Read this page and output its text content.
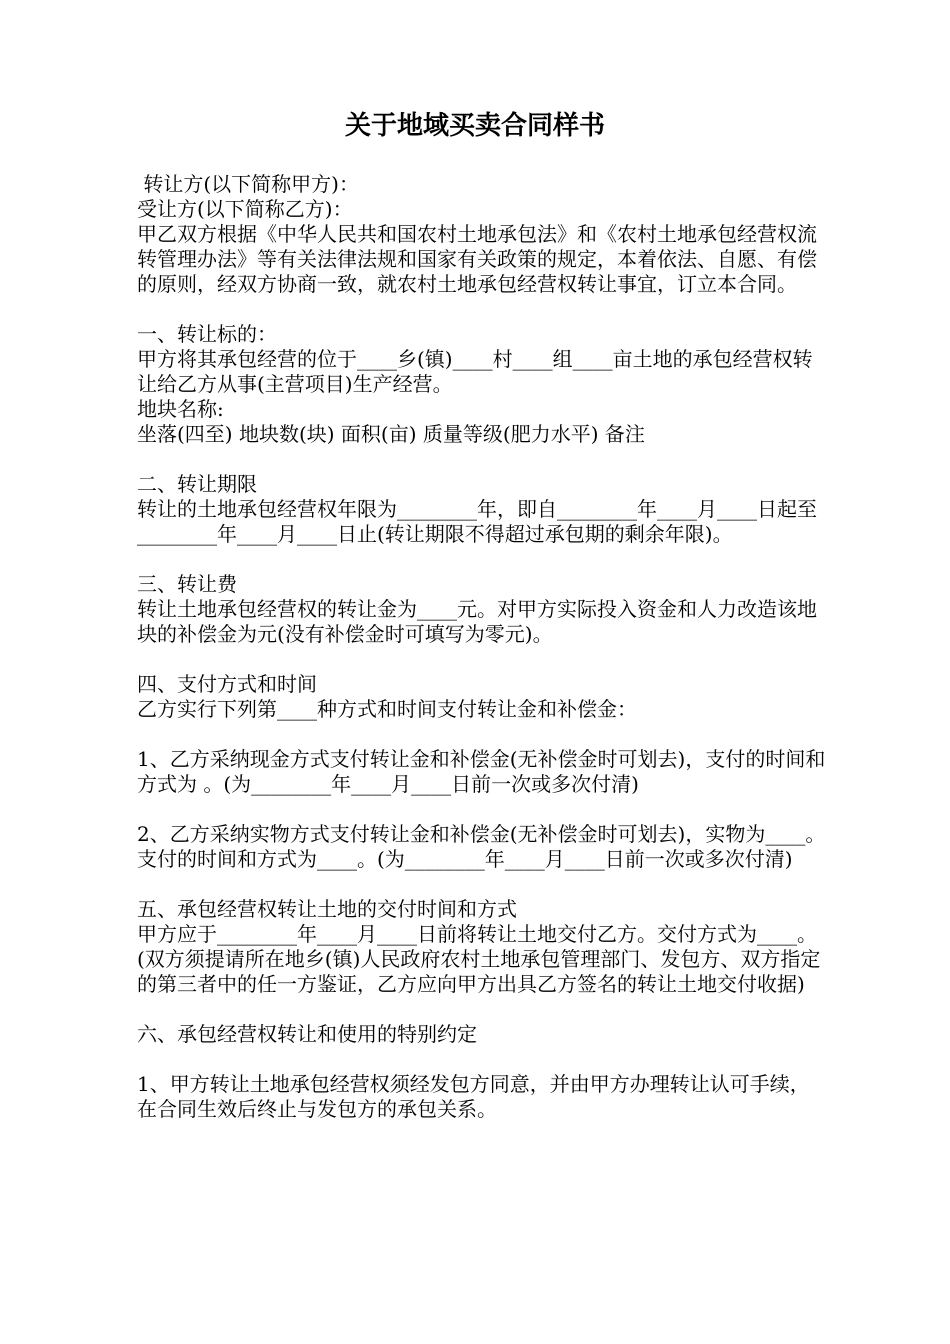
关于地域买卖合同样书

转让方(以下简称甲方)：

受让方(以下简称乙方)：

甲乙双方根据《中华人民共和国农村土地承包法》和《农村土地承包经营权流转管理办法》等有关法律法规和国家有关政策的规定，本着依法、自愿、有偿的原则，经双方协商一致，就农村土地承包经营权转让事宜，订立本合同。

一、转让标的：

甲方将其承包经营的位于____乡(镇)____村____组____亩土地的承包经营权转让给乙方从事(主营项目)生产经营。

地块名称:

坐落(四至) 地块数(块) 面积(亩) 质量等级(肥力水平) 备注

二、转让期限

转让的土地承包经营权年限为________年，即自________年____月____日起至________年____月____日止(转让期限不得超过承包期的剩余年限)。

三、转让费

转让土地承包经营权的转让金为____元。对甲方实际投入资金和人力改造该地块的补偿金为元(没有补偿金时可填写为零元)。

四、支付方式和时间

乙方实行下列第____种方式和时间支付转让金和补偿金：

1、乙方采纳现金方式支付转让金和补偿金(无补偿金时可划去)，支付的时间和方式为 。(为________年____月____日前一次或多次付清)

2、乙方采纳实物方式支付转让金和补偿金(无补偿金时可划去)，实物为____。支付的时间和方式为____。(为________年____月____日前一次或多次付清)

五、承包经营权转让土地的交付时间和方式

甲方应于________年____月____日前将转让土地交付乙方。交付方式为____。(双方须提请所在地乡(镇)人民政府农村土地承包管理部门、发包方、双方指定的第三者中的任一方鉴证，乙方应向甲方出具乙方签名的转让土地交付收据)

六、承包经营权转让和使用的特别约定

1、甲方转让土地承包经营权须经发包方同意，并由甲方办理转让认可手续，在合同生效后终止与发包方的承包关系。
